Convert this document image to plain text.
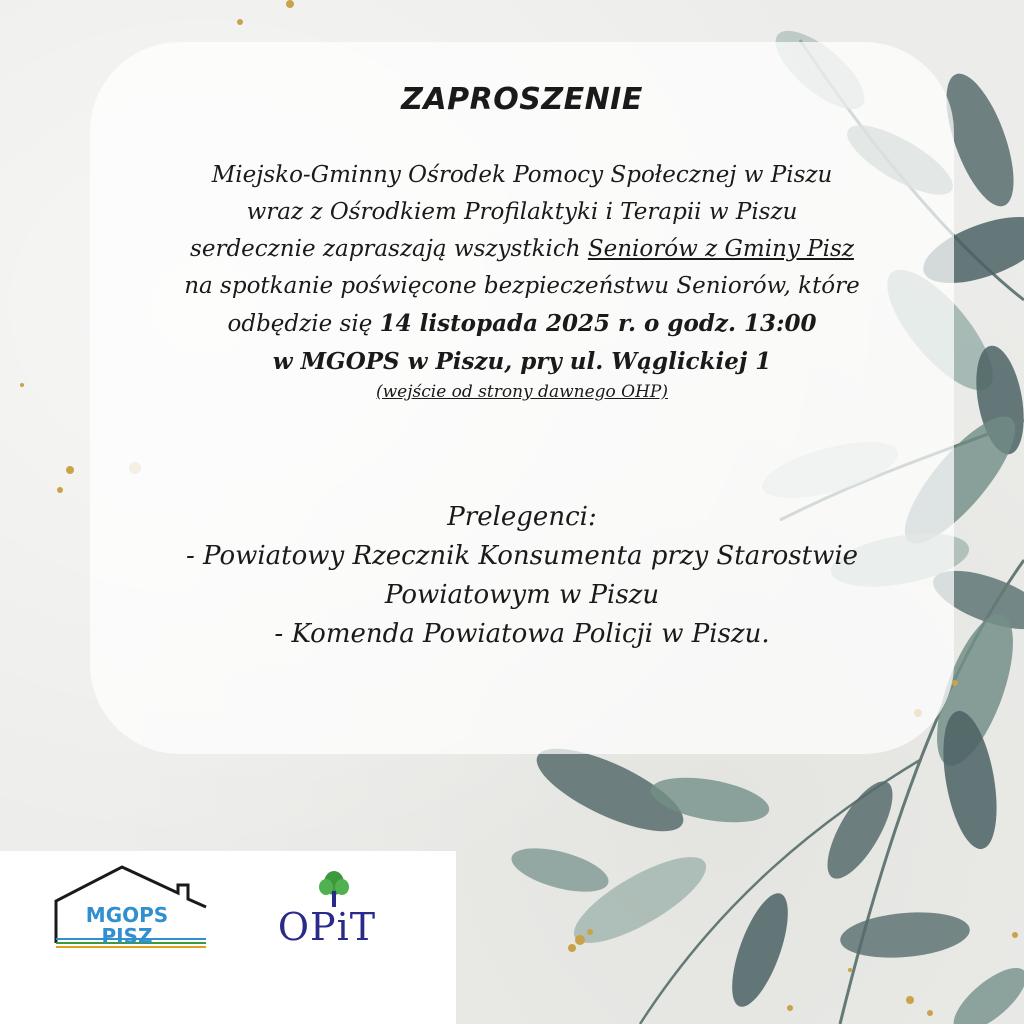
ZAPROSZENIE
Miejsko-Gminny Ośrodek Pomocy Społecznej w Piszu
wraz z Ośrodkiem Profilaktyki i Terapii w Piszu
serdecznie zapraszają wszystkich Seniorów z Gminy Pisz
na spotkanie poświęcone bezpieczeństwu Seniorów, które
odbędzie się 14 listopada 2025 r. o godz. 13:00
w MGOPS w Piszu, pry ul. Wąglickiej 1
(wejście od strony dawnego OHP)
Prelegenci:
- Powiatowy Rzecznik Konsumenta przy Starostwie
Powiatowym w Piszu
- Komenda Powiatowa Policji w Piszu.
MGOPS
PISZ	OPiT
